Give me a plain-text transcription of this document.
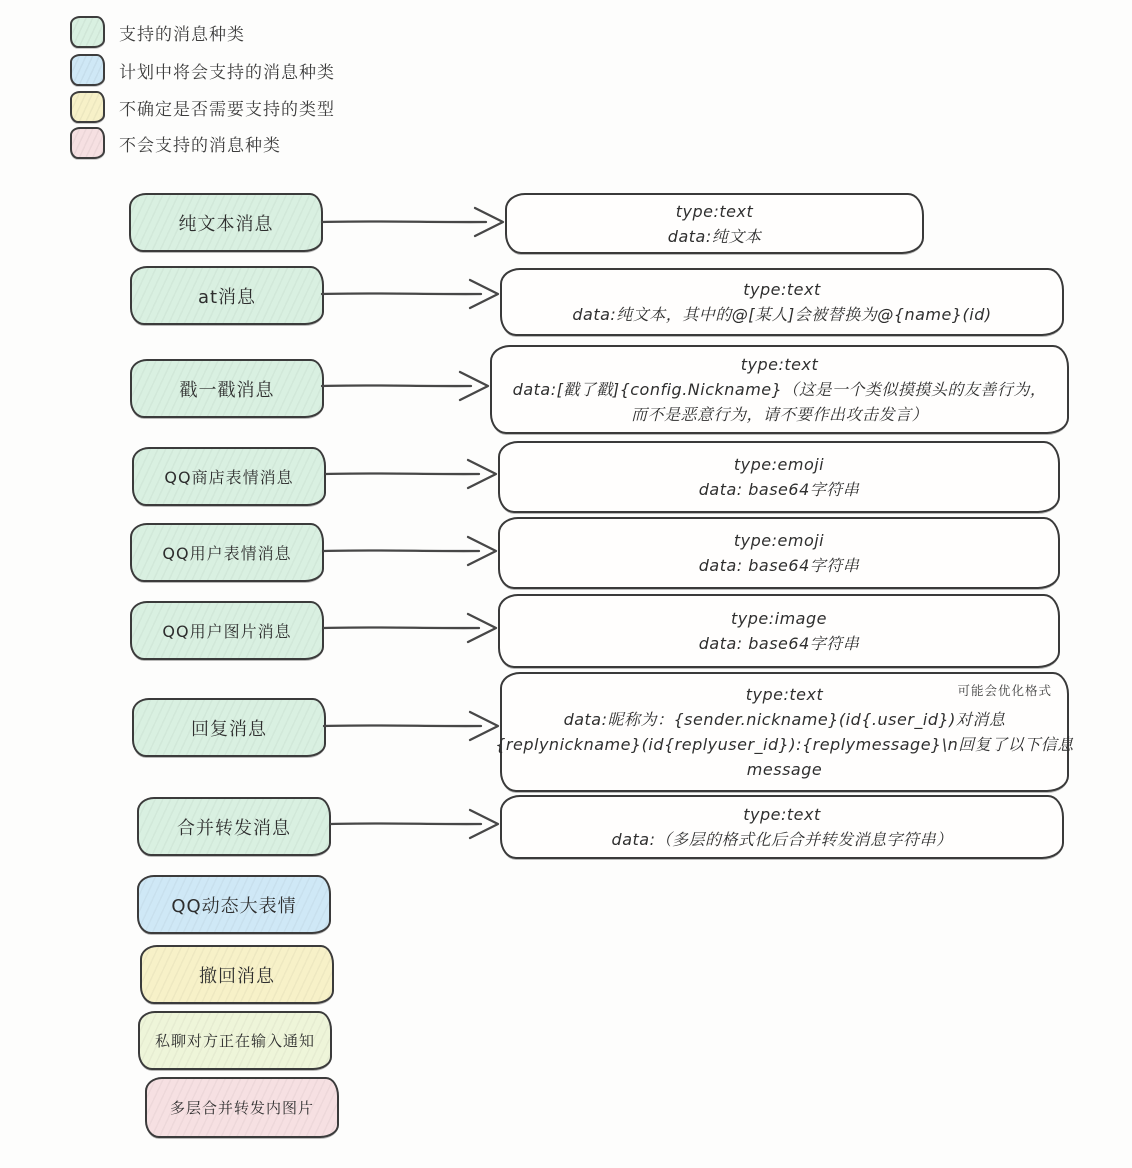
支持的消息种类
计划中将会支持的消息种类
不确定是否需要支持的类型
不会支持的消息种类
纯文本消息
at消息
戳一戳消息
QQ商店表情消息
QQ用户表情消息
QQ用户图片消息
回复消息
合并转发消息
type:text
data:纯文本
type:text
data:纯文本，其中的@[某人]会被替换为@{name}(id)
type:text
data:[戳了戳]{config.Nickname}（这是一个类似摸摸头的友善行为，
而不是恶意行为，请不要作出攻击发言）
type:emoji
data: base64字符串
type:emoji
data: base64字符串
type:image
data: base64字符串
可能会优化格式
type:text
data:昵称为：{sender.nickname}(id{.user_id})对消息
{replynickname}(id{replyuser_id}):{replymessage}\n回复了以下信息
message
type:text
data:（多层的格式化后合并转发消息字符串）
QQ动态大表情
撤回消息
私聊对方正在输入通知
多层合并转发内图片
